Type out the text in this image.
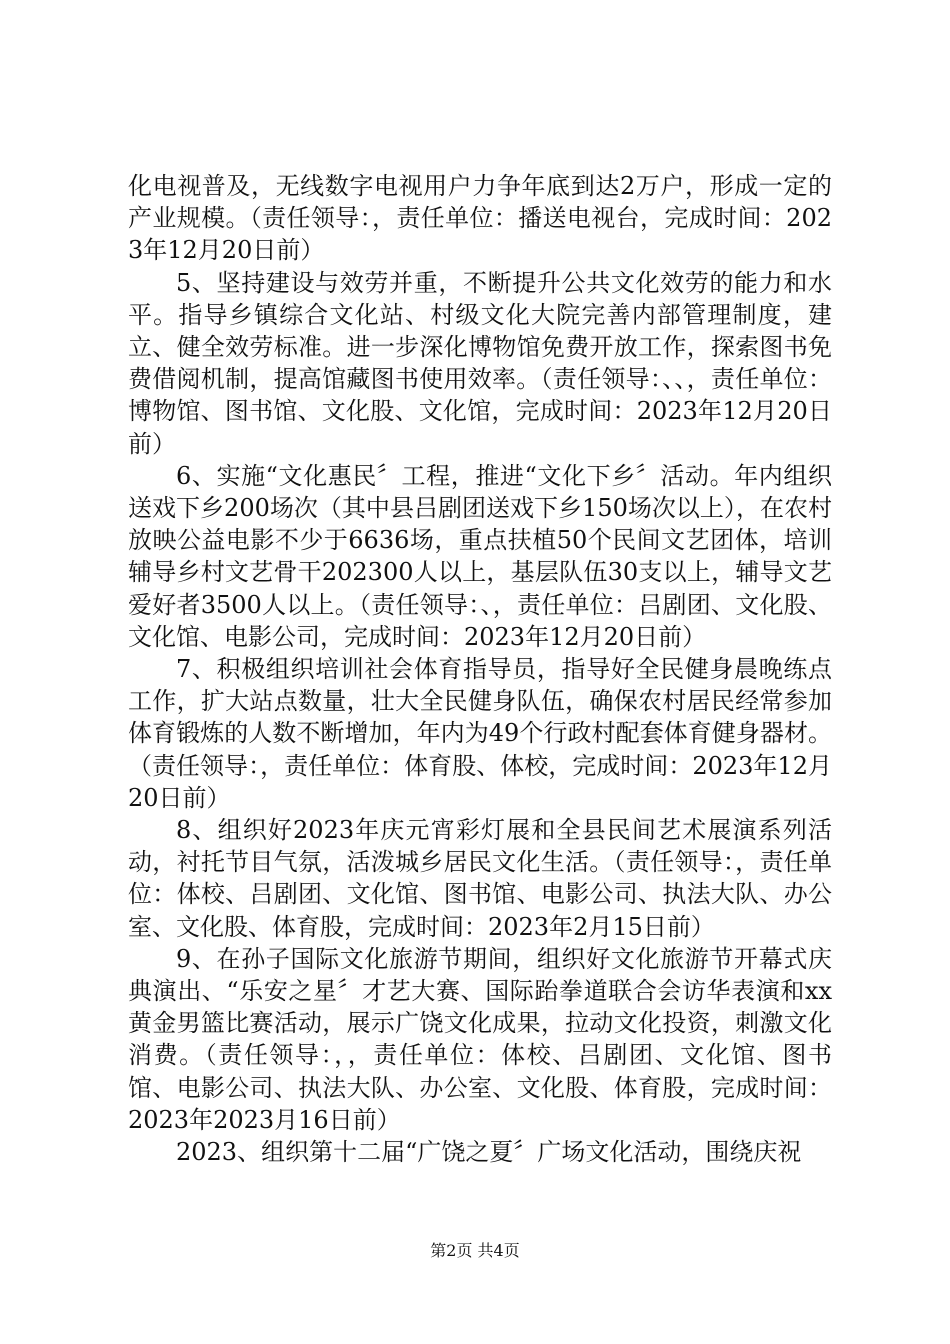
化电视普及，无线数字电视用户力争年底到达2万户，形成一定的产业规模。（责任领导：，责任单位：播送电视台，完成时间：2023年12月20日前）

5、坚持建设与效劳并重，不断提升公共文化效劳的能力和水平。指导乡镇综合文化站、村级文化大院完善内部管理制度，建立、健全效劳标准。进一步深化博物馆免费开放工作，探索图书免费借阅机制，提高馆藏图书使用效率。（责任领导：、、，责任单位：博物馆、图书馆、文化股、文化馆，完成时间：2023年12月20日前）

6、实施“文化惠民〞工程，推进“文化下乡〞活动。年内组织送戏下乡200场次（其中县吕剧团送戏下乡150场次以上），在农村放映公益电影不少于6636场，重点扶植50个民间文艺团体，培训辅导乡村文艺骨干202300人以上，基层队伍30支以上，辅导文艺爱好者3500人以上。（责任领导：、，责任单位：吕剧团、文化股、文化馆、电影公司，完成时间：2023年12月20日前）

7、积极组织培训社会体育指导员，指导好全民健身晨晚练点工作，扩大站点数量，壮大全民健身队伍，确保农村居民经常参加体育锻炼的人数不断增加，年内为49个行政村配套体育健身器材。（责任领导：，责任单位：体育股、体校，完成时间：2023年12月20日前）

8、组织好2023年庆元宵彩灯展和全县民间艺术展演系列活动，衬托节目气氛，活泼城乡居民文化生活。（责任领导：，责任单位：体校、吕剧团、文化馆、图书馆、电影公司、执法大队、办公室、文化股、体育股，完成时间：2023年2月15日前）

9、在孙子国际文化旅游节期间，组织好文化旅游节开幕式庆典演出、“乐安之星〞才艺大赛、国际跆拳道联合会访华表演和xx黄金男篮比赛活动，展示广饶文化成果，拉动文化投资，刺激文化消费。（责任领导：，，责任单位：体校、吕剧团、文化馆、图书馆、电影公司、执法大队、办公室、文化股、体育股，完成时间：2023年2023月16日前）

2023、组织第十二届“广饶之夏〞广场文化活动，围绕庆祝

第2页 共4页
